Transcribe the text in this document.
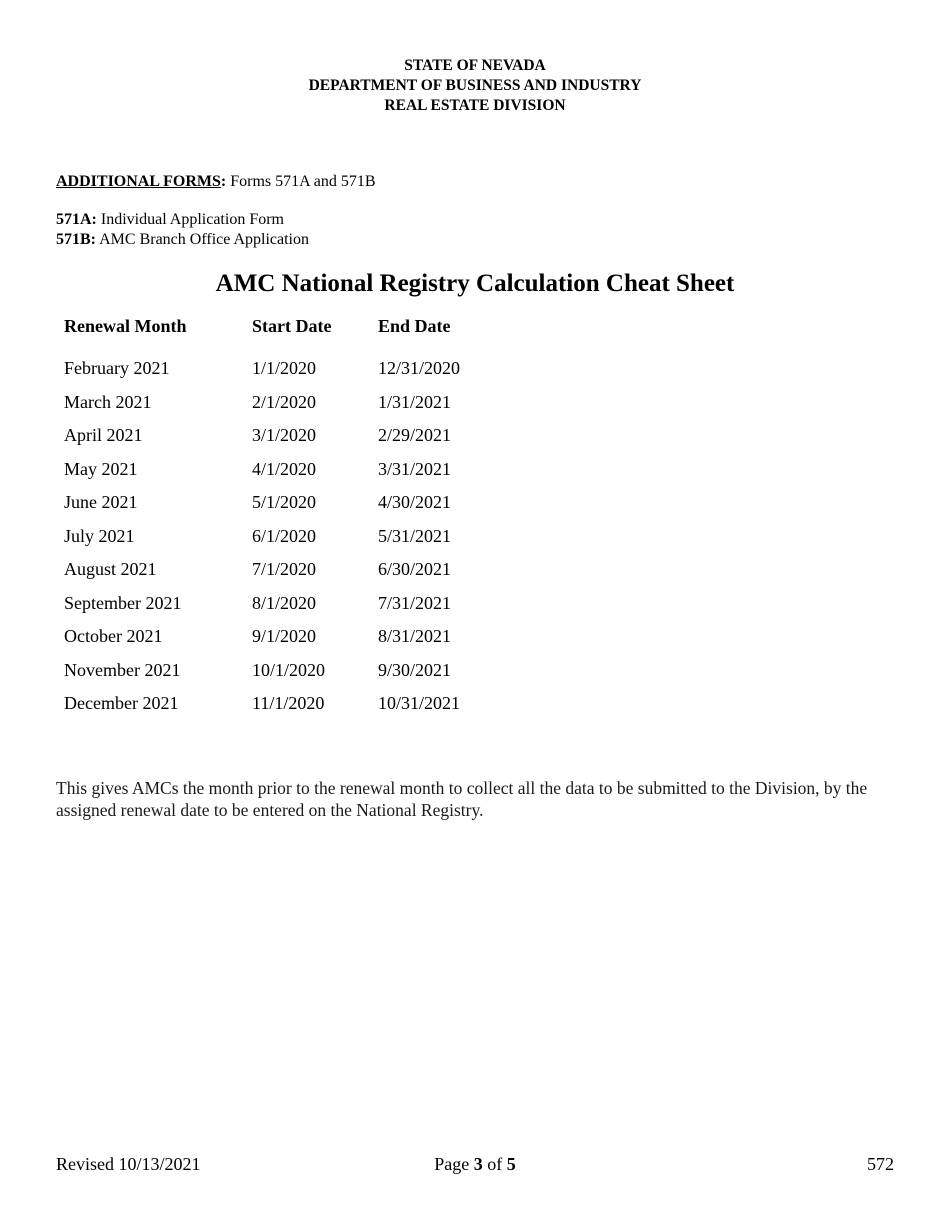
STATE OF NEVADA
DEPARTMENT OF BUSINESS AND INDUSTRY
REAL ESTATE DIVISION
ADDITIONAL FORMS: Forms 571A and 571B
571A: Individual Application Form
571B: AMC Branch Office Application
AMC National Registry Calculation Cheat Sheet
Renewal Month	Start Date	End Date

February 2021	1/1/2020	12/31/2020
March 2021	2/1/2020	1/31/2021
April 2021	3/1/2020	2/29/2021
May 2021	4/1/2020	3/31/2021
June 2021	5/1/2020	4/30/2021
July 2021	6/1/2020	5/31/2021
August 2021	7/1/2020	6/30/2021
September 2021	8/1/2020	7/31/2021
October 2021	9/1/2020	8/31/2021
November 2021	10/1/2020	9/30/2021
December 2021	11/1/2020	10/31/2021
This gives AMCs the month prior to the renewal month to collect all the data to be submitted to the Division, by the assigned renewal date to be entered on the National Registry.
Revised 10/13/2021	Page 3 of 5	572
